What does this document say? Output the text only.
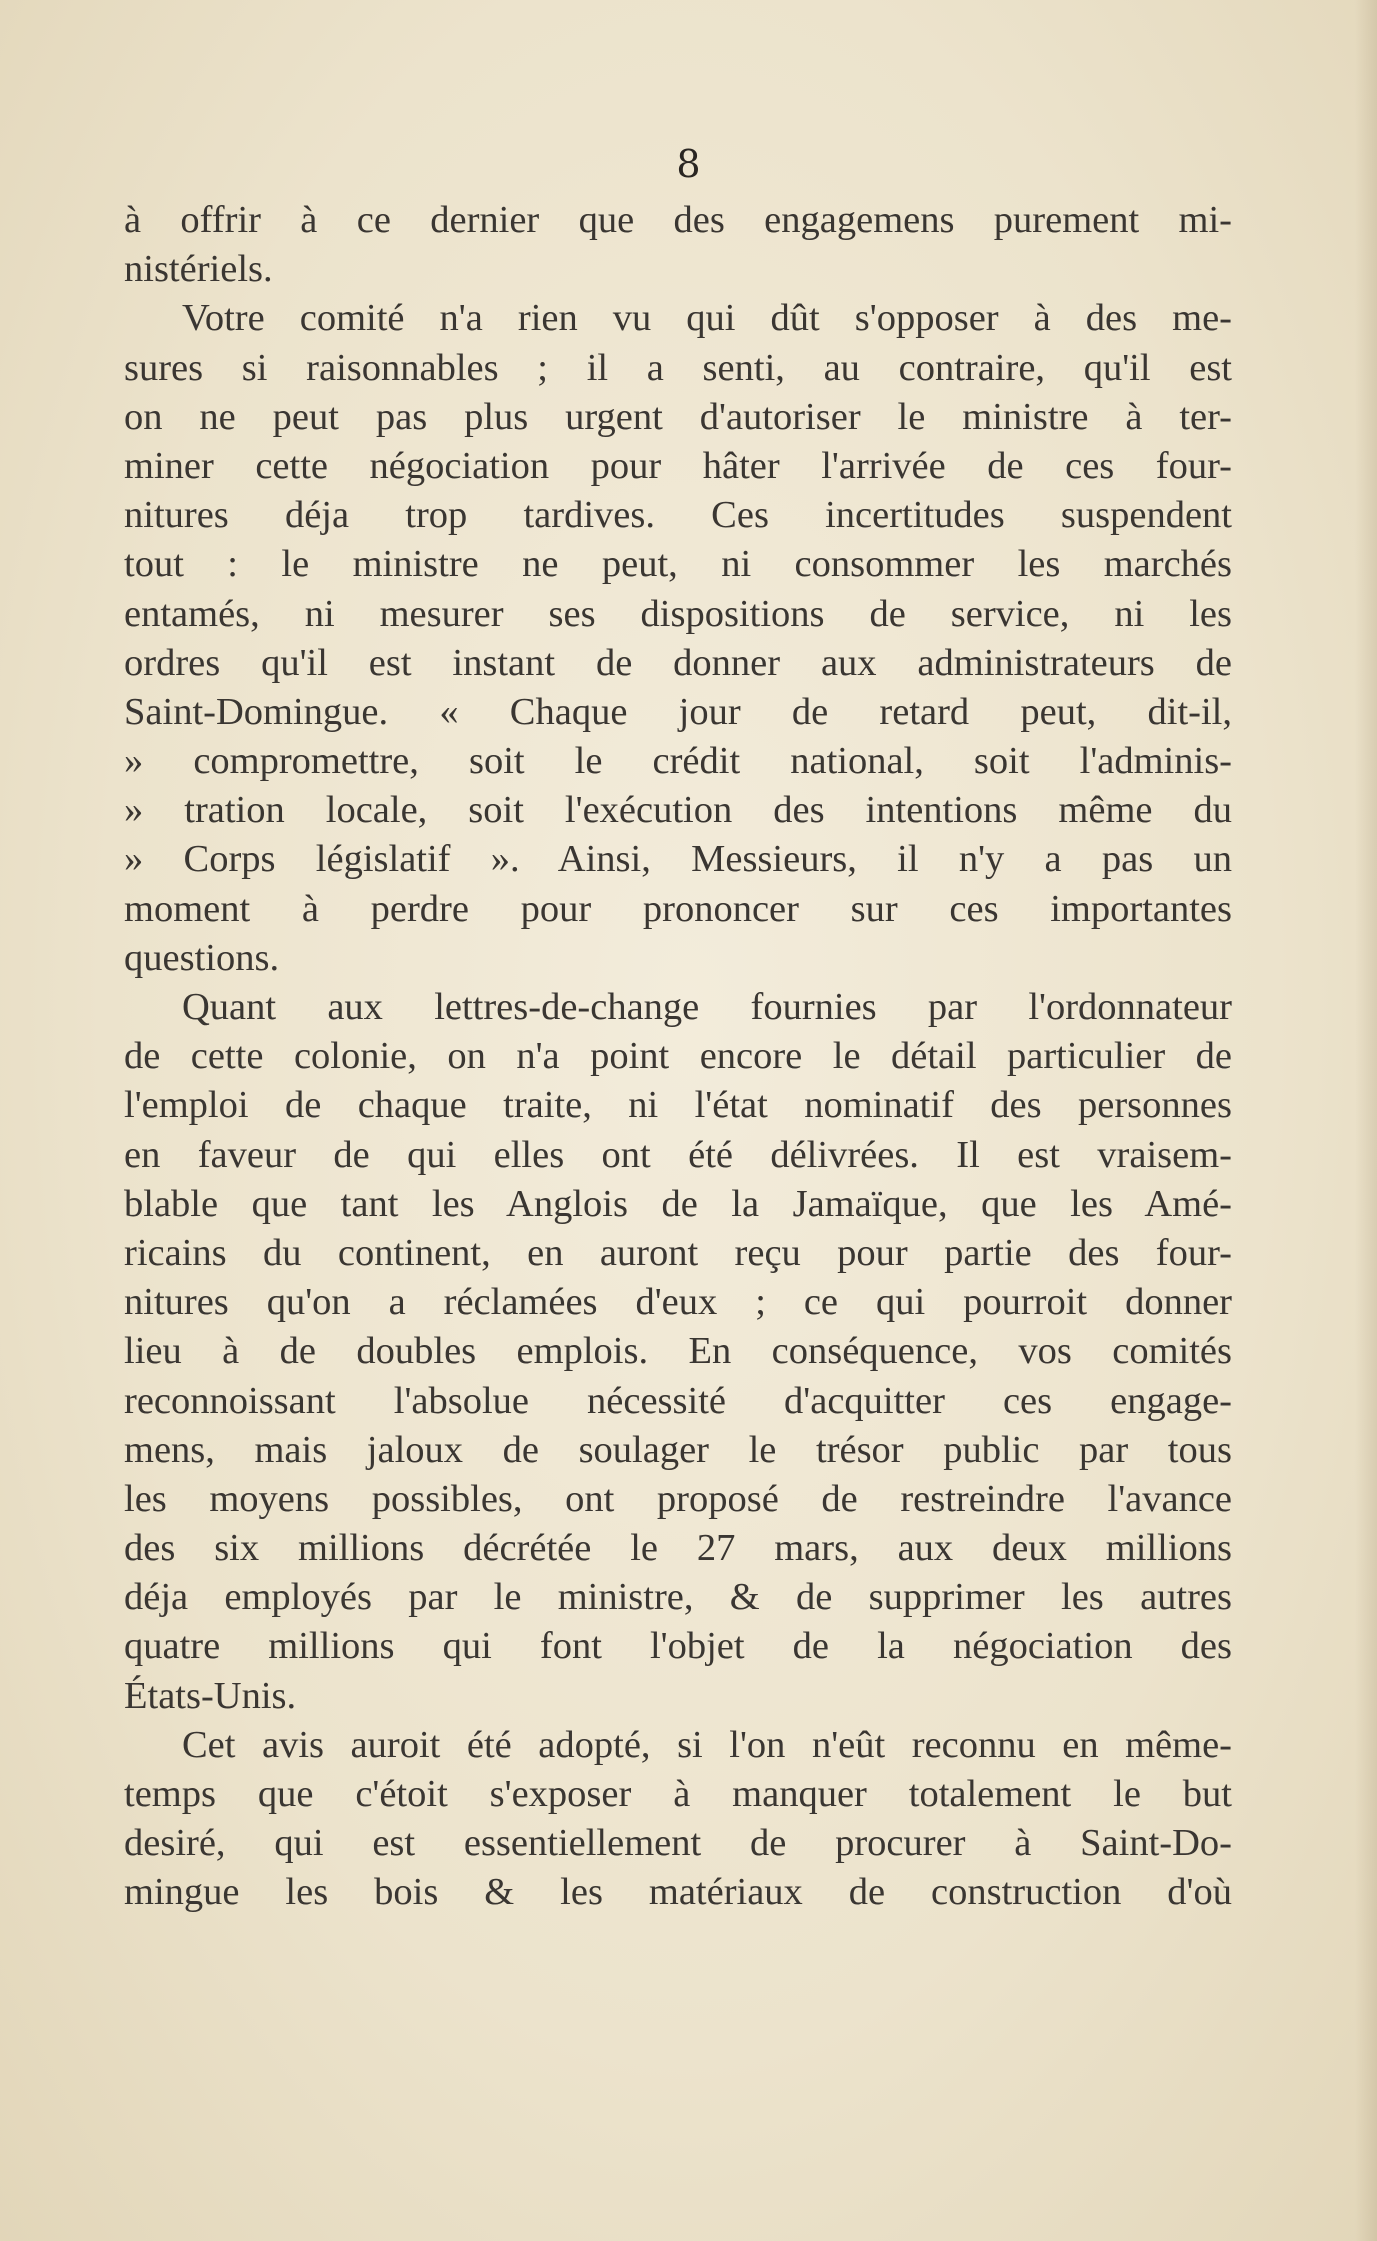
8
à offrir à ce dernier que des engagemens purement mi-
nistériels.
Votre comité n'a rien vu qui dût s'opposer à des me-
sures si raisonnables ; il a senti, au contraire, qu'il est
on ne peut pas plus urgent d'autoriser le ministre à ter-
miner cette négociation pour hâter l'arrivée de ces four-
nitures déja trop tardives. Ces incertitudes suspendent
tout : le ministre ne peut, ni consommer les marchés
entamés, ni mesurer ses dispositions de service, ni les
ordres qu'il est instant de donner aux administrateurs de
Saint-Domingue. « Chaque jour de retard peut, dit-il,
» compromettre, soit le crédit national, soit l'adminis-
» tration locale, soit l'exécution des intentions même du
» Corps législatif ». Ainsi, Messieurs, il n'y a pas un
moment à perdre pour prononcer sur ces importantes
questions.
Quant aux lettres-de-change fournies par l'ordonnateur
de cette colonie, on n'a point encore le détail particulier de
l'emploi de chaque traite, ni l'état nominatif des personnes
en faveur de qui elles ont été délivrées. Il est vraisem-
blable que tant les Anglois de la Jamaïque, que les Amé-
ricains du continent, en auront reçu pour partie des four-
nitures qu'on a réclamées d'eux ; ce qui pourroit donner
lieu à de doubles emplois. En conséquence, vos comités
reconnoissant l'absolue nécessité d'acquitter ces engage-
mens, mais jaloux de soulager le trésor public par tous
les moyens possibles, ont proposé de restreindre l'avance
des six millions décrétée le 27 mars, aux deux millions
déja employés par le ministre, & de supprimer les autres
quatre millions qui font l'objet de la négociation des
États-Unis.
Cet avis auroit été adopté, si l'on n'eût reconnu en même-
temps que c'étoit s'exposer à manquer totalement le but
desiré, qui est essentiellement de procurer à Saint-Do-
mingue les bois & les matériaux de construction d'où
